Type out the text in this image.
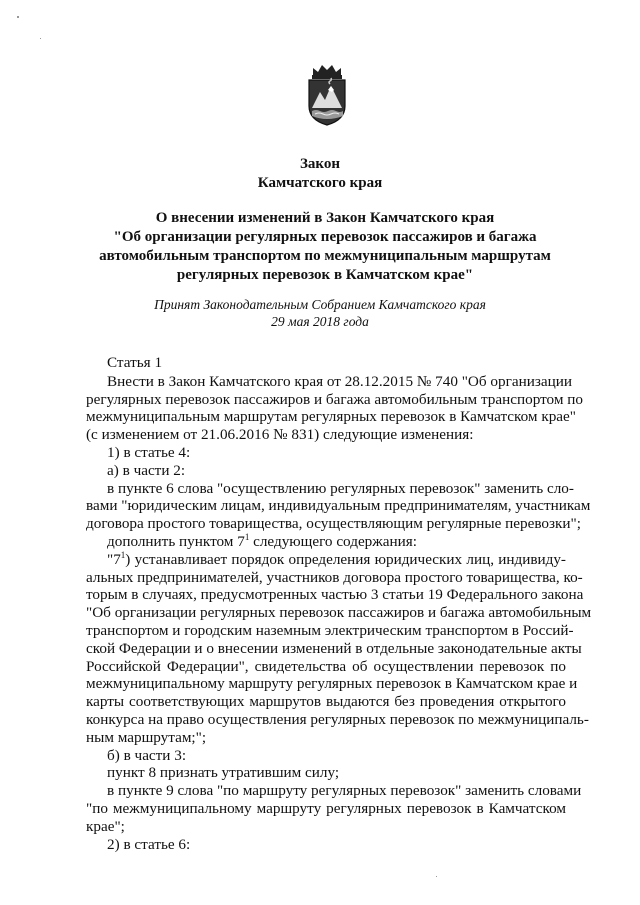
Закон
Камчатского края
О внесении изменений в Закон Камчатского края
"Об организации регулярных перевозок пассажиров и багажа
автомобильным транспортом по межмуниципальным маршрутам
регулярных перевозок в Камчатском крае"
Принят Законодательным Собранием Камчатского края
29 мая 2018 года
Статья 1
Внести в Закон Камчатского края от 28.12.2015 № 740 "Об организации
регулярных перевозок пассажиров и багажа автомобильным транспортом по
межмуниципальным маршрутам регулярных перевозок в Камчатском крае"
(с изменением от 21.06.2016 № 831) следующие изменения:
1) в статье 4:
а) в части 2:
в пункте 6 слова "осуществлению регулярных перевозок" заменить сло-
вами "юридическим лицам, индивидуальным предпринимателям, участникам
договора простого товарищества, осуществляющим регулярные перевозки";
дополнить пунктом $7^1$ следующего содержания:
"$7^1$) устанавливает порядок определения юридических лиц, индивиду-
альных предпринимателей, участников договора простого товарищества, ко-
торым в случаях, предусмотренных частью 3 статьи 19 Федерального закона
"Об организации регулярных перевозок пассажиров и багажа автомобильным
транспортом и городским наземным электрическим транспортом в Россий-
ской Федерации и о внесении изменений в отдельные законодательные акты
Российской Федерации", свидетельства об осуществлении перевозок по
межмуниципальному маршруту регулярных перевозок в Камчатском крае и
карты соответствующих маршрутов выдаются без проведения открытого
конкурса на право осуществления регулярных перевозок по межмуниципаль-
ным маршрутам;";
б) в части 3:
пункт 8 признать утратившим силу;
в пункте 9 слова "по маршруту регулярных перевозок" заменить словами
"по межмуниципальному маршруту регулярных перевозок в Камчатском
крае";
2) в статье 6:
